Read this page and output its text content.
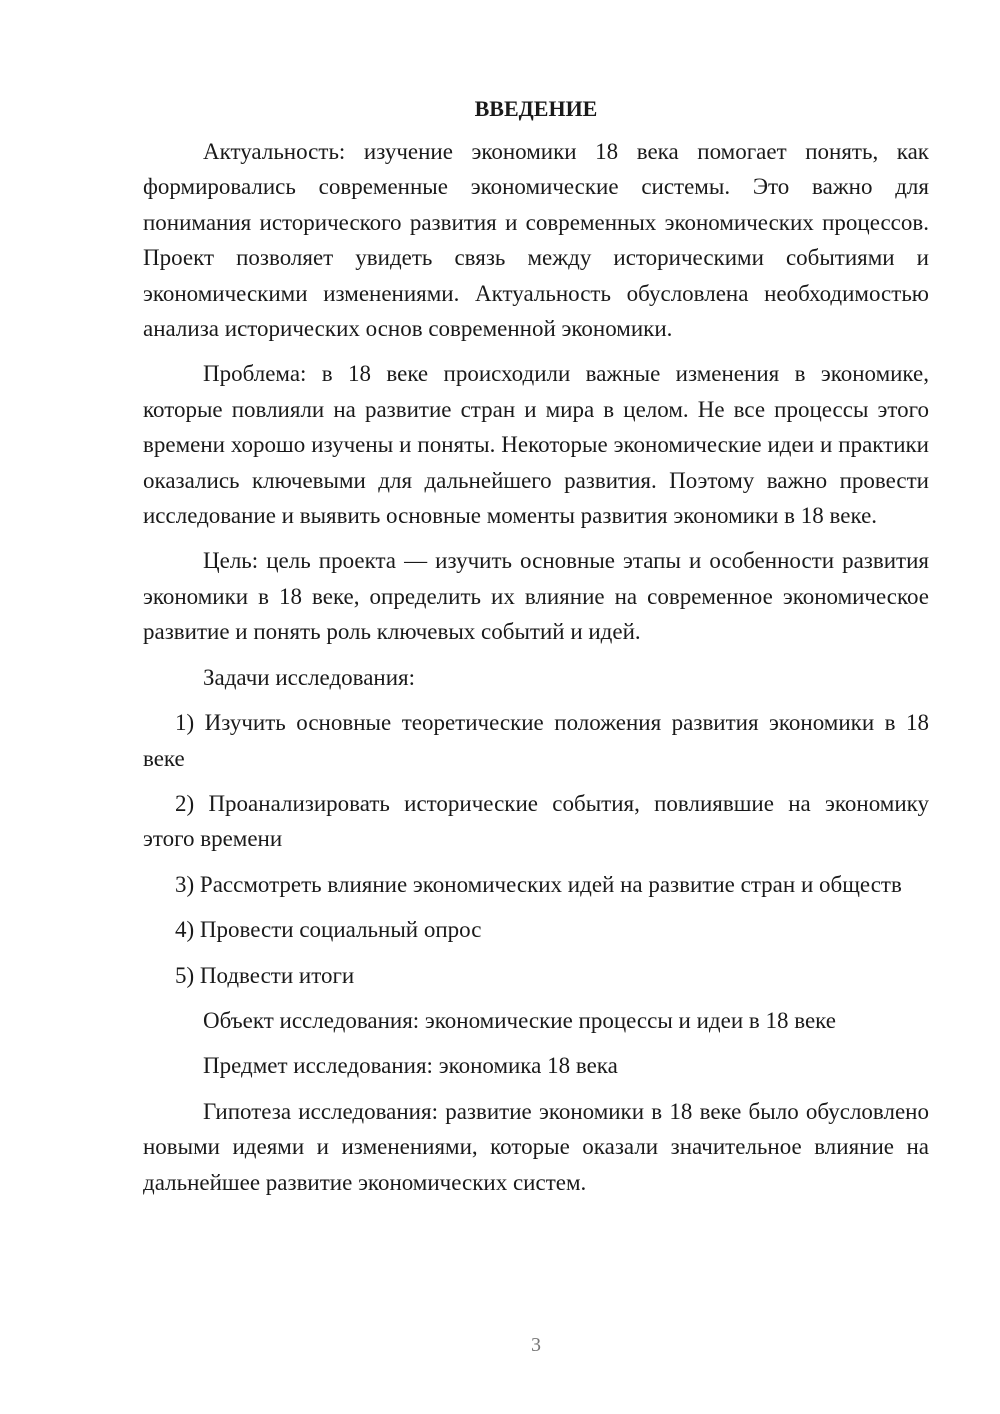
ВВЕДЕНИЕ

Актуальность: изучение экономики 18 века помогает понять, как формировались современные экономические системы. Это важно для понимания исторического развития и современных экономических процессов. Проект позволяет увидеть связь между историческими событиями и экономическими изменениями. Актуальность обусловлена необходимостью анализа исторических основ современной экономики.

Проблема: в 18 веке происходили важные изменения в экономике, которые повлияли на развитие стран и мира в целом. Не все процессы этого времени хорошо изучены и поняты. Некоторые экономические идеи и практики оказались ключевыми для дальнейшего развития. Поэтому важно провести исследование и выявить основные моменты развития экономики в 18 веке.

Цель: цель проекта — изучить основные этапы и особенности развития экономики в 18 веке, определить их влияние на современное экономическое развитие и понять роль ключевых событий и идей.

Задачи исследования:

1) Изучить основные теоретические положения развития экономики в 18 веке

2) Проанализировать исторические события, повлиявшие на экономику этого времени

3) Рассмотреть влияние экономических идей на развитие стран и обществ

4) Провести социальный опрос

5) Подвести итоги

Объект исследования: экономические процессы и идеи в 18 веке

Предмет исследования: экономика 18 века

Гипотеза исследования: развитие экономики в 18 веке было обусловлено новыми идеями и изменениями, которые оказали значительное влияние на дальнейшее развитие экономических систем.

3
